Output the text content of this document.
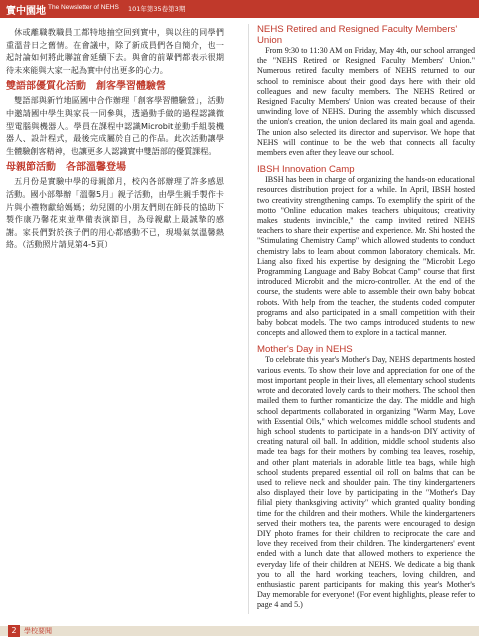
實中園地 The Newsletter of NEHS 101年第35卷第3期

休或離職教職員工都特地抽空回到實中，與以往的同學們重溫昔日之舊情。在會議中，除了新成員們各自簡介，也一起討論如何將此聯誼會延續下去。與會的前輩們都表示很期待未來能與大家一起為實中付出更多的心力。

雙語部優質化活動　創客學習體驗營

雙語部與新竹地區國中合作辦理「創客學習體驗營」，活動中邀請國中學生與家長一同參與，透過動手做的過程認識微型電腦與機器人。學員在課程中認識Microbit並動手組裝機器人、設計程式，最後完成屬於自己的作品。此次活動讓學生體驗創客精神，也讓更多人認識實中雙語部的優質課程。

母親節活動　各部溫馨登場

五月份是實驗中學的母親節月，校內各部辦理了許多感恩活動。國小部舉辦「溫馨5月」親子活動，由學生親手製作卡片與小禮物獻給媽媽；幼兒園的小朋友們則在師長的協助下製作康乃馨花束並準備表演節目，為母親獻上最誠摯的感謝。家長們對於孩子們的用心都感動不已，現場氣氛溫馨熱絡。（活動照片請見第4-5頁）

NEHS Retired and Resigned Faculty Members' Union

From 9:30 to 11:30 AM on Friday, May 4th, our school arranged the "NEHS Retired or Resigned Faculty Members' Union." Numerous retired faculty members of NEHS returned to our school to reminisce about their good days here with their old colleagues and new faculty members. The NEHS Retired or Resigned Faculty Members' Union was created because of their unwinding love of NEHS. During the assembly which discussed the union's creation, the union declared its main goal and agenda. The union also selected its director and supervisor. We hope that NEHS will continue to be the web that connects all faculty members even after they leave our school.

IBSH Innovation Camp

IBSH has been in charge of organizing the hands-on educational resources distribution project for a while. In April, IBSH hosted two creativity strengthening camps. To exemplify the spirit of the motto "Online education makes teachers ubiquitous; creativity makes students invincible," the camp invited retired NEHS teachers to share their expertise and experience. Mr. Shi hosted the "Stimulating Chemistry Camp" which allowed students to conduct chemistry labs to learn about common laboratory chemicals. Mr. Liang also fixed his expertise by designing the "Microbit Lego Programming Language and Baby Bobcat Camp" course that first introduced Microbit and the micro-controller. At the end of the course, the students were able to assemble their own baby bobcat robots. With help from the teacher, the students coded computer programs and also participated in a small competition with their baby bobcat models. The two camps introduced students to new concepts and allowed them to explore in a tactical manner.

Mother's Day in NEHS

To celebrate this year's Mother's Day, NEHS departments hosted various events. To show their love and appreciation for one of the most important people in their lives, all elementary school students wrote and decorated lovely cards to their mothers. The school then mailed them to further romanticize the day. The middle and high school departments collaborated in organizing "Warm May, Love with Essential Oils," which welcomes middle school students and high school students to participate in a hands-on DIY activity of creating natural oil ball. In addition, middle school students also made tea bags for their mothers by combing tea leaves, rosehip, and other plant materials in adorable little tea bags, while high school students prepared essential oil roll on balms that can be used to relieve neck and shoulder pain. The tiny kindergarteners also displayed their love by participating in the "Mother's Day filial piety thanksgiving activity" which granted quality bonding time for the children and their mothers. While the kindergarteners served their mothers tea, the parents were encouraged to design DIY photo frames for their children to reciprocate the care and love they received from their children. The kindergarteners' event ended with a lunch date that allowed mothers to experience the everyday life of their children at NEHS. We dedicate a big thank you to all the hard working teachers, loving children, and enthusiastic parent participants for making this year's Mother's Day memorable for everyone! (For event highlights, please refer to page 4 and 5.)

2	學校要聞
